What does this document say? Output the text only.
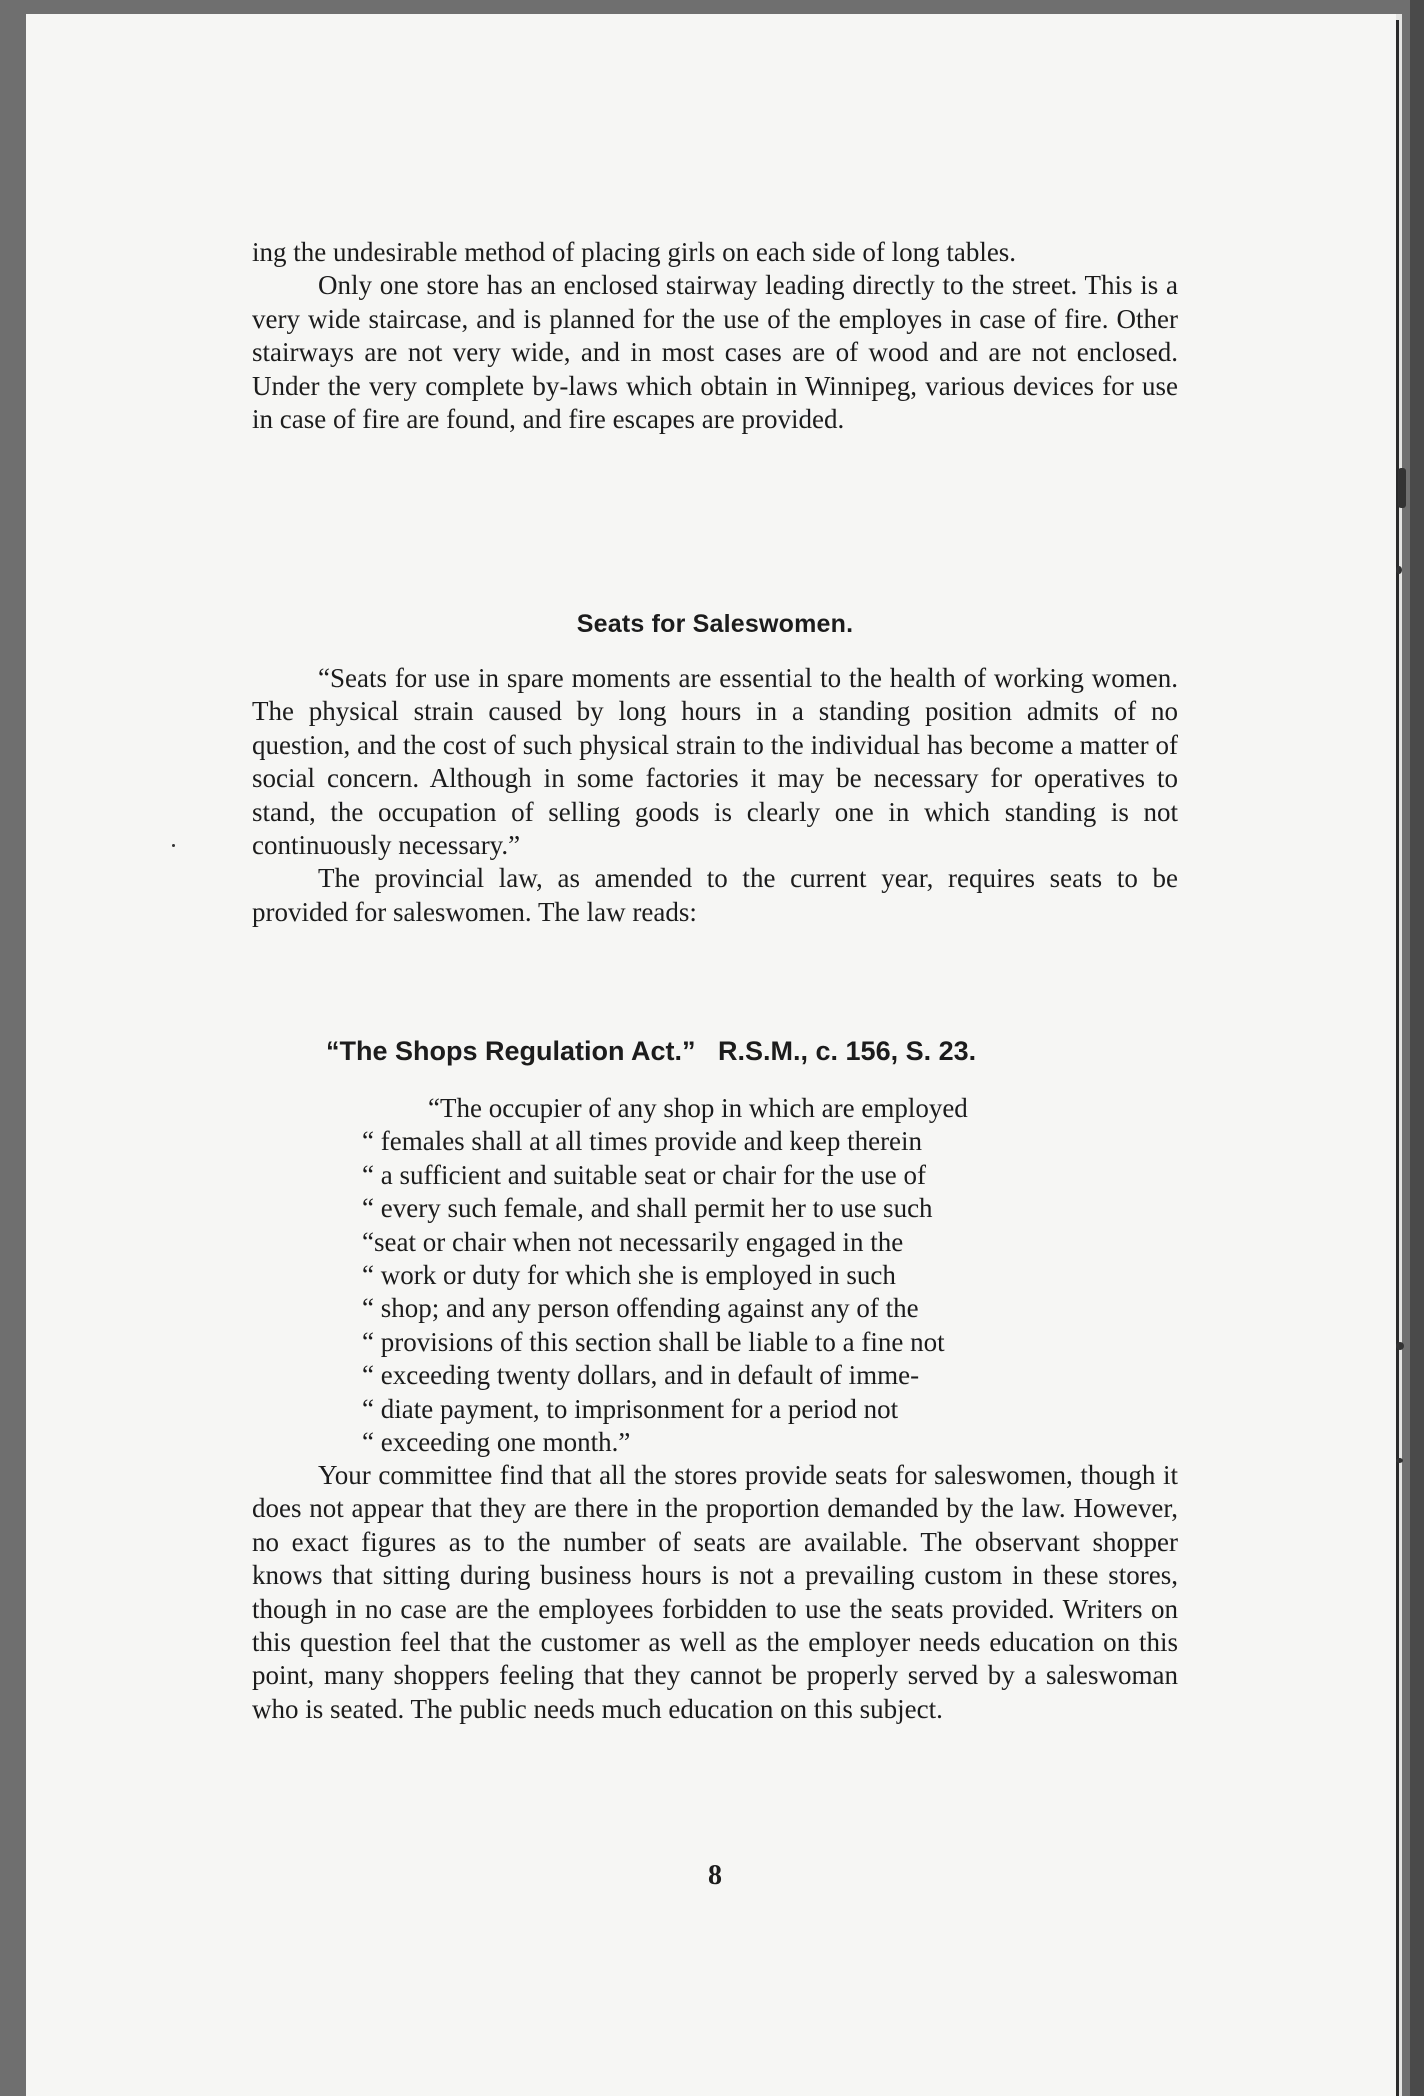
ing the undesirable method of placing girls on each side of long tables.

Only one store has an enclosed stairway leading directly to the street. This is a very wide staircase, and is planned for the use of the employes in case of fire. Other stairways are not very wide, and in most cases are of wood and are not enclosed. Under the very complete by-laws which obtain in Winnipeg, various devices for use in case of fire are found, and fire escapes are provided.

Seats for Saleswomen.

“Seats for use in spare moments are essential to the health of working women. The physical strain caused by long hours in a standing position admits of no question, and the cost of such physical strain to the individual has become a matter of social concern. Although in some factories it may be necessary for operatives to stand, the occupation of selling goods is clearly one in which standing is not continuously necessary.”

The provincial law, as amended to the current year, requires seats to be provided for saleswomen. The law reads:

“The Shops Regulation Act.”   R.S.M., c. 156, S. 23.

“The occupier of any shop in which are employed

“ females shall at all times provide and keep therein

“ a sufficient and suitable seat or chair for the use of

“ every such female, and shall permit her to use such

“seat or chair when not necessarily engaged in the

“ work or duty for which she is employed in such

“ shop; and any person offending against any of the

“ provisions of this section shall be liable to a fine not

“ exceeding twenty dollars, and in default of imme-

“ diate payment, to imprisonment for a period not

“ exceeding one month.”

Your committee find that all the stores provide seats for saleswomen, though it does not appear that they are there in the proportion demanded by the law. However, no exact figures as to the number of seats are available. The observant shopper knows that sitting during business hours is not a prevailing custom in these stores, though in no case are the employees forbidden to use the seats provided. Writers on this question feel that the customer as well as the employer needs education on this point, many shoppers feeling that they cannot be properly served by a saleswoman who is seated. The public needs much education on this subject.

8
